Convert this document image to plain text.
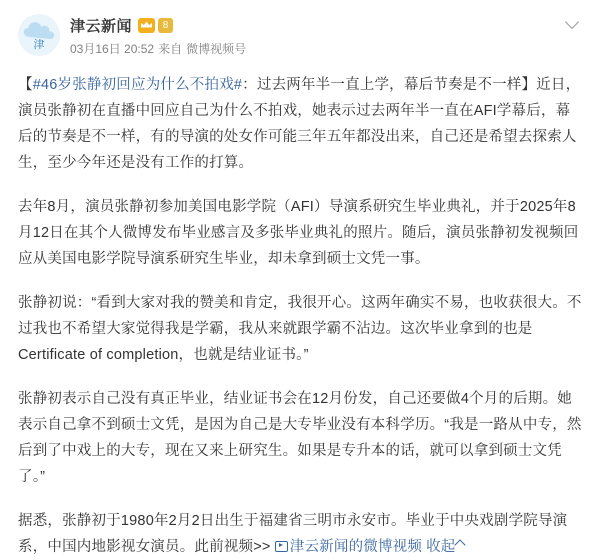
津
津云新闻	8
03月16日 20:52 来自 微博视频号

【#46岁张静初回应为什么不拍戏#：过去两年半一直上学，幕后节奏是不一样】近日，演员张静初在直播中回应自己为什么不拍戏，她表示过去两年半一直在AFI学幕后，幕后的节奏是不一样，有的导演的处女作可能三年五年都没出来，自己还是希望去探索人生，至少今年还是没有工作的打算。

去年8月，演员张静初参加美国电影学院（AFI）导演系研究生毕业典礼，并于2025年8月12日在其个人微博发布毕业感言及多张毕业典礼的照片。随后，演员张静初发视频回应从美国电影学院导演系研究生毕业，却未拿到硕士文凭一事。

张静初说：“看到大家对我的赞美和肯定，我很开心。这两年确实不易，也收获很大。不过我也不希望大家觉得我是学霸，我从来就跟学霸不沾边。这次毕业拿到的也是Certificate of completion，也就是结业证书。”

张静初表示自己没有真正毕业，结业证书会在12月份发，自己还要做4个月的后期。她表示自己拿不到硕士文凭，是因为自己是大专毕业没有本科学历。“我是一路从中专，然后到了中戏上的大专，现在又来上研究生。如果是专升本的话，就可以拿到硕士文凭了。”

据悉，张静初于1980年2月2日出生于福建省三明市永安市。毕业于中央戏剧学院导演系，中国内地影视女演员。此前视频>> 津云新闻的微博视频 收起
